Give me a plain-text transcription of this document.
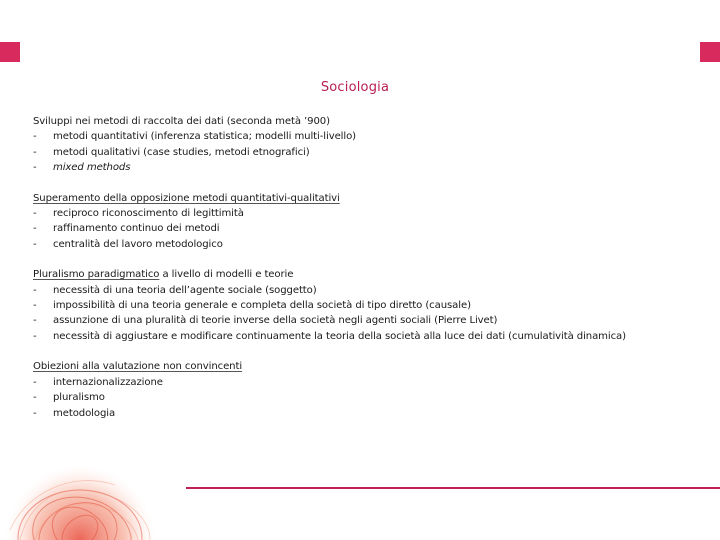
Sociologia
Sviluppi nei metodi di raccolta dei dati (seconda metà ’900)
- metodi quantitativi (inferenza statistica; modelli multi-livello)
- metodi qualitativi (case studies, metodi etnografici)
- mixed methods
Superamento della opposizione metodi quantitativi-qualitativi
- reciproco riconoscimento di legittimità
- raffinamento continuo dei metodi
- centralità del lavoro metodologico
Pluralismo paradigmatico a livello di modelli e teorie
- necessità di una teoria dell’agente sociale (soggetto)
- impossibilità di una teoria generale e completa della società di tipo diretto (causale)
- assunzione di una pluralità di teorie inverse della società negli agenti sociali (Pierre Livet)
- necessità di aggiustare e modificare continuamente la teoria della società alla luce dei dati (cumulatività dinamica)
Obiezioni alla valutazione non convincenti
- internazionalizzazione
- pluralismo
- metodologia
